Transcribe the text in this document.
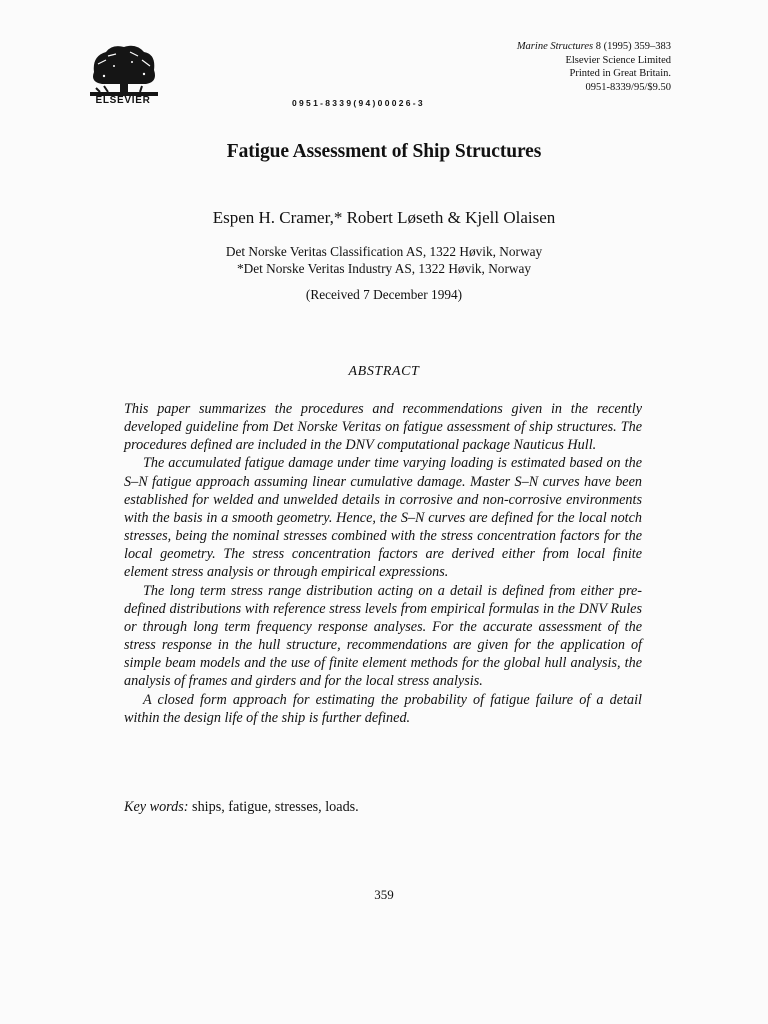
ELSEVIER
Marine Structures 8 (1995) 359–383
Elsevier Science Limited
Printed in Great Britain.
0951-8339/95/$9.50
0951-8339(94)00026-3
Fatigue Assessment of Ship Structures
Espen H. Cramer,* Robert Løseth & Kjell Olaisen
Det Norske Veritas Classification AS, 1322 Høvik, Norway
*Det Norske Veritas Industry AS, 1322 Høvik, Norway
(Received 7 December 1994)
ABSTRACT

This paper summarizes the procedures and recommendations given in the recently developed guideline from Det Norske Veritas on fatigue assessment of ship structures. The procedures defined are included in the DNV computational package Nauticus Hull.

The accumulated fatigue damage under time varying loading is estimated based on the S–N fatigue approach assuming linear cumulative damage. Master S–N curves have been established for welded and unwelded details in corrosive and non-corrosive environments with the basis in a smooth geometry. Hence, the S–N curves are defined for the local notch stresses, being the nominal stresses combined with the stress concentration factors for the local geometry. The stress concentration factors are derived either from local finite element stress analysis or through empirical expressions.

The long term stress range distribution acting on a detail is defined from either pre-defined distributions with reference stress levels from empirical formulas in the DNV Rules or through long term frequency response analyses. For the accurate assessment of the stress response in the hull structure, recommendations are given for the application of simple beam models and the use of finite element methods for the global hull analysis, the analysis of frames and girders and for the local stress analysis.

A closed form approach for estimating the probability of fatigue failure of a detail within the design life of the ship is further defined.

Key words: ships, fatigue, stresses, loads.
359
